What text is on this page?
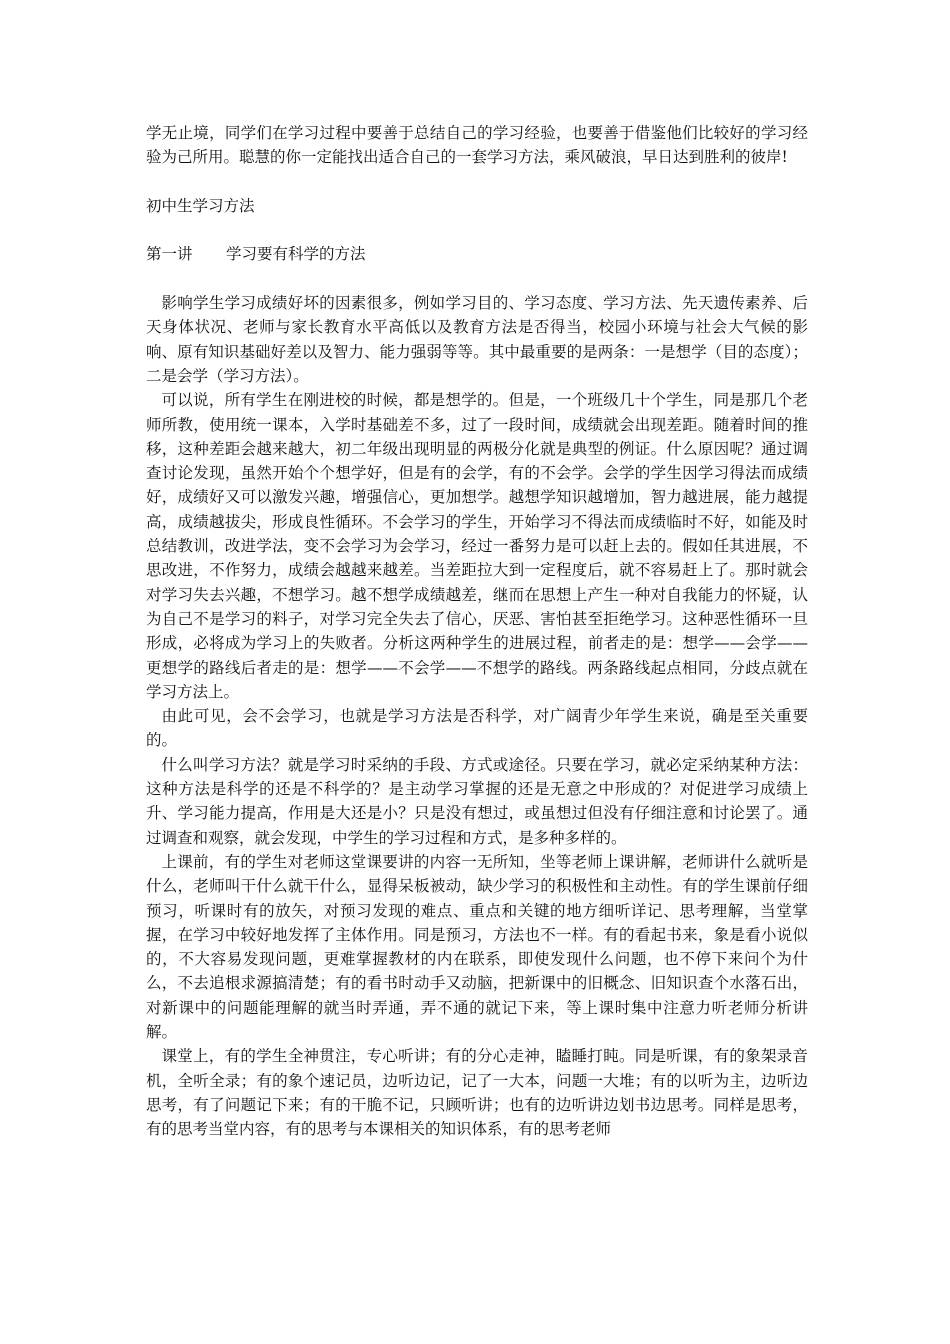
学无止境，同学们在学习过程中要善于总结自己的学习经验，也要善于借鉴他们比较好的学习经验为己所用。聪慧的你一定能找出适合自己的一套学习方法，乘风破浪，早日达到胜利的彼岸!

初中生学习方法

第一讲 学习要有科学的方法

影响学生学习成绩好坏的因素很多，例如学习目的、学习态度、学习方法、先天遗传素养、后天身体状况、老师与家长教育水平高低以及教育方法是否得当，校园小环境与社会大气候的影响、原有知识基础好差以及智力、能力强弱等等。其中最重要的是两条：一是想学（目的态度）；二是会学（学习方法）。

可以说，所有学生在刚进校的时候，都是想学的。但是，一个班级几十个学生，同是那几个老师所教，使用统一课本，入学时基础差不多，过了一段时间，成绩就会出现差距。随着时间的推移，这种差距会越来越大，初二年级出现明显的两极分化就是典型的例证。什么原因呢？通过调查讨论发现，虽然开始个个想学好，但是有的会学，有的不会学。会学的学生因学习得法而成绩好，成绩好又可以激发兴趣，增强信心，更加想学。越想学知识越增加，智力越进展，能力越提高，成绩越拔尖，形成良性循环。不会学习的学生，开始学习不得法而成绩临时不好，如能及时总结教训，改进学法，变不会学习为会学习，经过一番努力是可以赶上去的。假如任其进展，不思改进，不作努力，成绩会越越来越差。当差距拉大到一定程度后，就不容易赶上了。那时就会对学习失去兴趣，不想学习。越不想学成绩越差，继而在思想上产生一种对自我能力的怀疑，认为自己不是学习的料子，对学习完全失去了信心，厌恶、害怕甚至拒绝学习。这种恶性循环一旦形成，必将成为学习上的失败者。分析这两种学生的进展过程，前者走的是：想学——会学——更想学的路线后者走的是：想学——不会学——不想学的路线。两条路线起点相同，分歧点就在学习方法上。

由此可见，会不会学习，也就是学习方法是否科学，对广阔青少年学生来说，确是至关重要的。

什么叫学习方法？就是学习时采纳的手段、方式或途径。只要在学习，就必定采纳某种方法：这种方法是科学的还是不科学的？是主动学习掌握的还是无意之中形成的？对促进学习成绩上升、学习能力提高，作用是大还是小？只是没有想过，或虽想过但没有仔细注意和讨论罢了。通过调查和观察，就会发现，中学生的学习过程和方式，是多种多样的。

上课前，有的学生对老师这堂课要讲的内容一无所知，坐等老师上课讲解，老师讲什么就听是什么，老师叫干什么就干什么，显得呆板被动，缺少学习的积极性和主动性。有的学生课前仔细预习，听课时有的放矢，对预习发现的难点、重点和关键的地方细听详记、思考理解，当堂掌握，在学习中较好地发挥了主体作用。同是预习，方法也不一样。有的看起书来，象是看小说似的，不大容易发现问题，更难掌握教材的内在联系，即使发现什么问题，也不停下来问个为什么，不去追根求源搞清楚；有的看书时动手又动脑，把新课中的旧概念、旧知识查个水落石出，对新课中的问题能理解的就当时弄通，弄不通的就记下来，等上课时集中注意力听老师分析讲解。

课堂上，有的学生全神贯注，专心听讲；有的分心走神，瞌睡打盹。同是听课，有的象架录音机，全听全录；有的象个速记员，边听边记，记了一大本，问题一大堆；有的以听为主，边听边思考，有了问题记下来；有的干脆不记，只顾听讲；也有的边听讲边划书边思考。同样是思考，有的思考当堂内容，有的思考与本课相关的知识体系，有的思考老师
